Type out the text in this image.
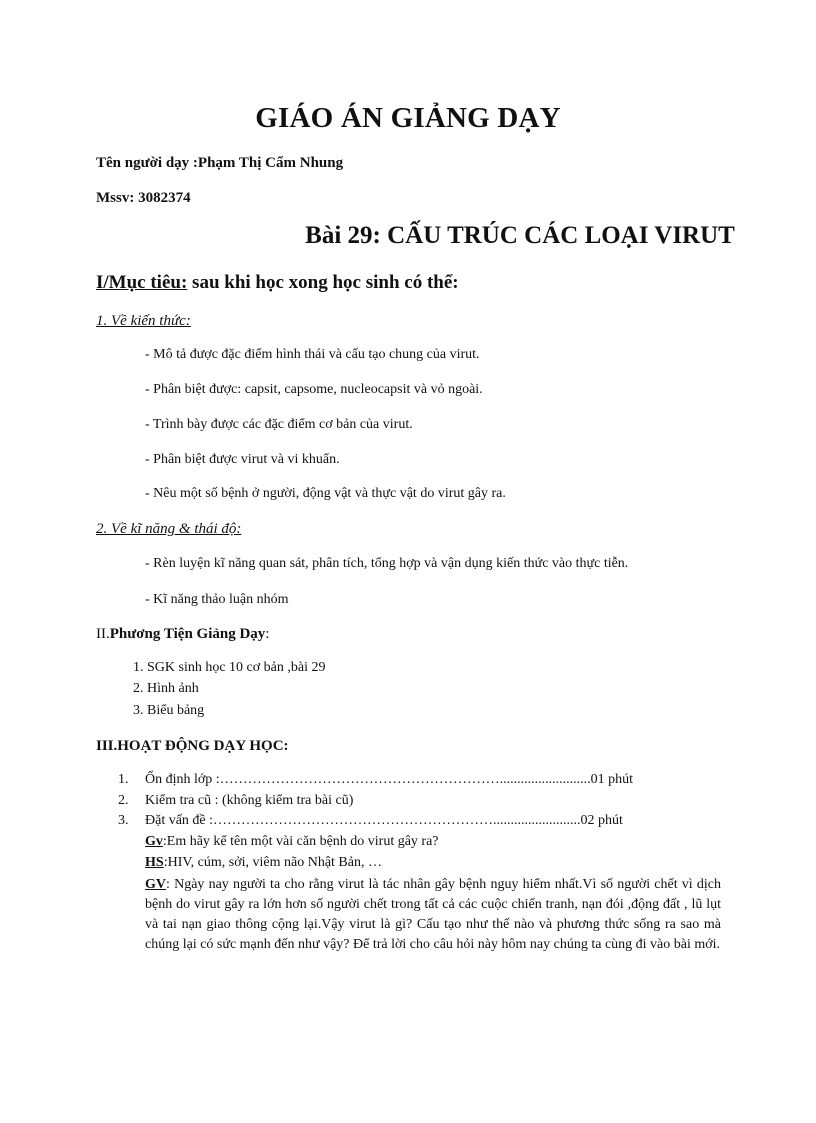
GIÁO ÁN GIẢNG DẠY
Tên người dạy :Phạm Thị Cẩm Nhung
Mssv: 3082374
Bài 29: CẤU TRÚC CÁC LOẠI VIRUT
I/Mục tiêu: sau khi học xong học sinh có thể:
1. Về kiến thức:
- Mô tả được đặc điểm hình thái và cấu tạo chung của virut.
- Phân biệt được: capsit, capsome, nucleocapsit và vỏ ngoài.
- Trình bày được các đặc điểm cơ bản của virut.
- Phân biệt được virut và vi khuẩn.
- Nêu một số bệnh ở người, động vật và thực vật do virut gây ra.
2. Về kĩ năng & thái độ:
- Rèn luyện kĩ năng quan sát, phân tích, tổng hợp và vận dụng kiến thức vào thực tiễn.
- Kĩ năng thảo luận nhóm
II.Phương Tiện Giảng Dạy:
1. SGK sinh học 10 cơ bản ,bài 29
2. Hình ảnh
3. Biểu bảng
III.HOẠT ĐỘNG DẠY HỌC:
1. Ổn định lớp :……………………………………………………..........................01 phút
2. Kiểm tra cũ : (không kiểm tra bài cũ)
3. Đặt vấn đề :…………………………………………………….........................02 phút
Gv:Em hãy kể tên một vài căn bệnh do virut gây ra?
HS:HIV, cúm, sởi, viêm não Nhật Bản, …
GV: Ngày nay người ta cho rằng virut là tác nhân gây bệnh nguy hiểm nhất.Vì số người chết vì dịch bệnh do virut gây ra lớn hơn số người chết trong tất cả các cuộc chiến tranh, nạn đói ,động đất , lũ lụt và tai nạn giao thông cộng lại.Vậy virut là gì? Cấu tạo như thế nào và phương thức sống ra sao mà chúng lại có sức mạnh đến như vậy? Để trả lời cho câu hỏi này hôm nay chúng ta cùng đi vào bài mới.
